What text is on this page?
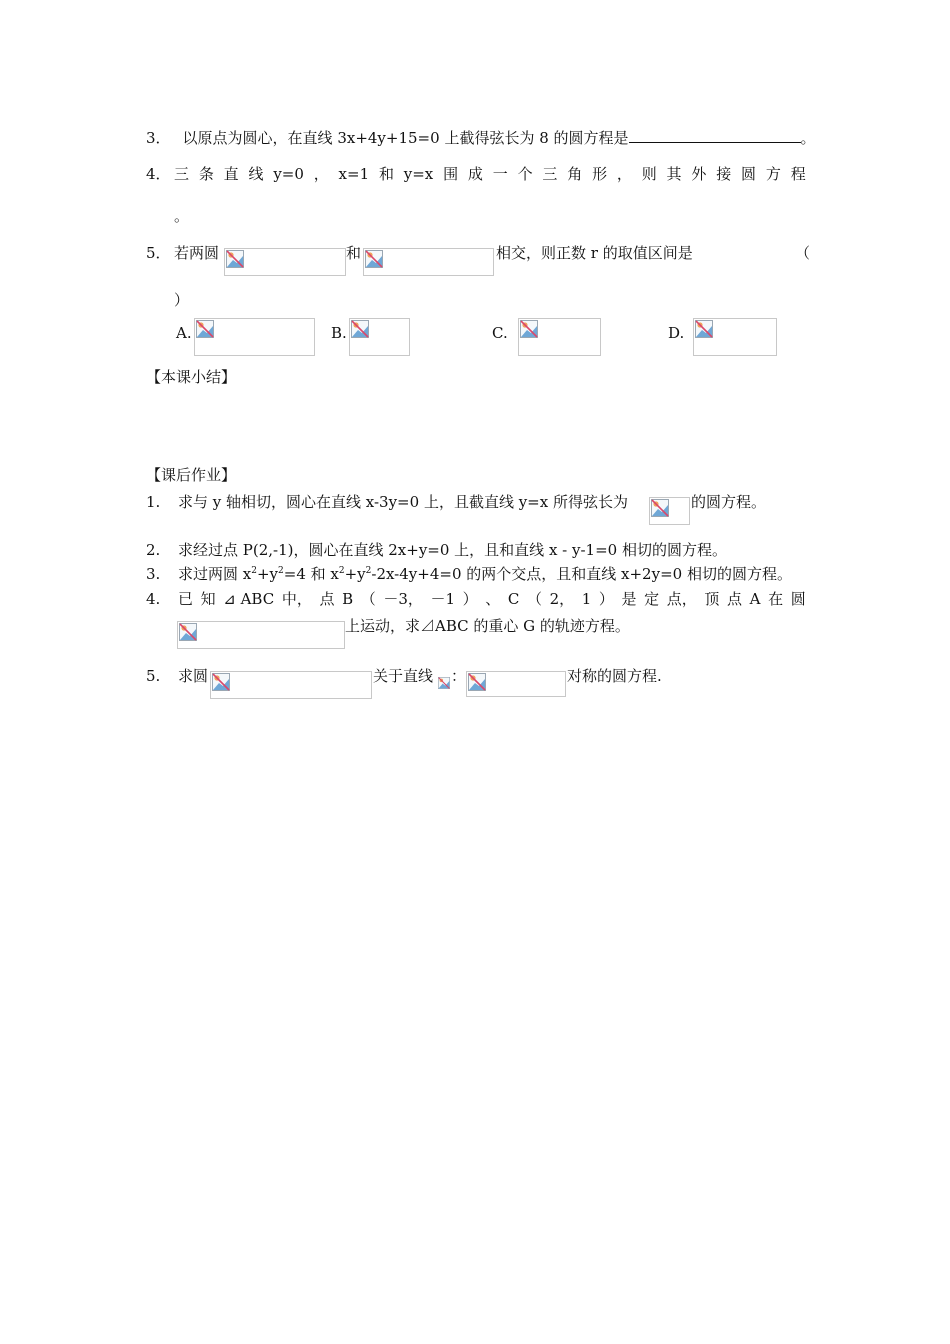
3． 以原点为圆心，在直线 3x+4y+15=0 上截得弦长为 8 的圆方程是	。
4． 三 条 直 线 y=0 ， x=1 和 y=x 围 成 一 个 三 角 形 ， 则 其 外 接 圆 方 程
。
5． 若两圆	和	相交，则正数 r 的取值区间是	（
）
A.	B.	C.	D.
【本课小结】
【课后作业】
1. 求与 y 轴相切，圆心在直线 x-3y=0 上，且截直线 y=x 所得弦长为	的圆方程。
2. 求经过点 P(2,-1)，圆心在直线 2x+y=0 上，且和直线 x - y-1=0 相切的圆方程。
3. 求过两圆 $x^2+y^2=4$ 和 $x^2+y^2-2x-4y+4=0$ 的两个交点，且和直线 x+2y=0 相切的圆方程。
4. 已 知 ⊿ ABC 中， 点 B （ －3， －1 ） 、 C （ 2， 1 ） 是 定 点， 顶 点 A 在 圆
上运动，求⊿ABC 的重心 G 的轨迹方程。
5. 求圆	关于直线 ：	对称的圆方程.
